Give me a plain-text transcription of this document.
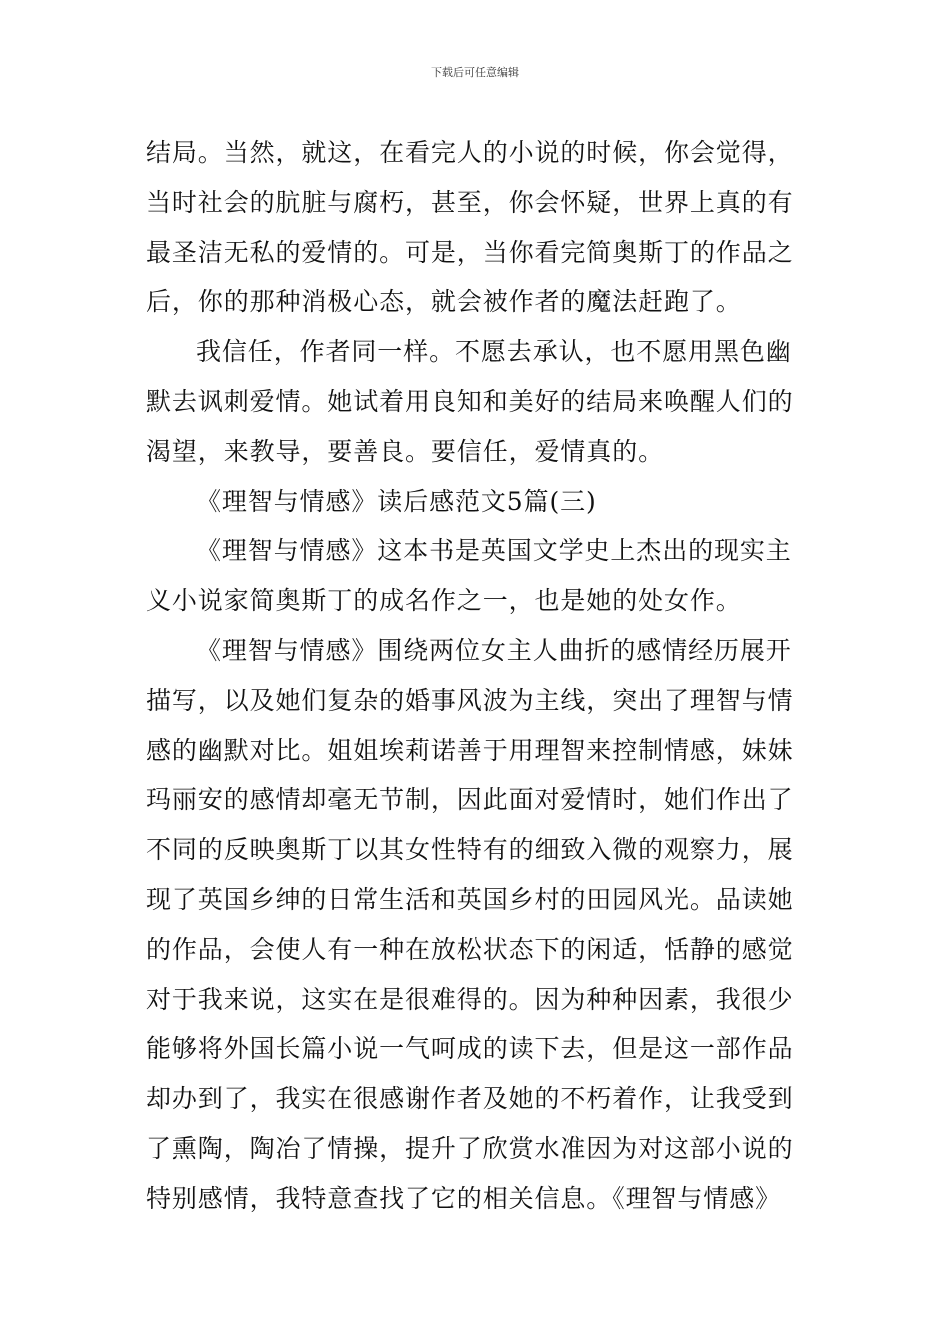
下载后可任意编辑
结局。当然，就这，在看完人的小说的时候，你会觉得，
当时社会的肮脏与腐朽，甚至，你会怀疑，世界上真的有
最圣洁无私的爱情的。可是，当你看完简奥斯丁的作品之
后，你的那种消极心态，就会被作者的魔法赶跑了。
我信任，作者同一样。不愿去承认，也不愿用黑色幽
默去讽刺爱情。她试着用良知和美好的结局来唤醒人们的
渴望，来教导，要善良。要信任，爱情真的。
《理智与情感》读后感范文5篇(三)
《理智与情感》这本书是英国文学史上杰出的现实主
义小说家简奥斯丁的成名作之一，也是她的处女作。
《理智与情感》围绕两位女主人曲折的感情经历展开
描写，以及她们复杂的婚事风波为主线，突出了理智与情
感的幽默对比。姐姐埃莉诺善于用理智来控制情感，妹妹
玛丽安的感情却毫无节制，因此面对爱情时，她们作出了
不同的反映奥斯丁以其女性特有的细致入微的观察力，展
现了英国乡绅的日常生活和英国乡村的田园风光。品读她
的作品，会使人有一种在放松状态下的闲适，恬静的感觉
对于我来说，这实在是很难得的。因为种种因素，我很少
能够将外国长篇小说一气呵成的读下去，但是这一部作品
却办到了，我实在很感谢作者及她的不朽着作，让我受到
了熏陶，陶冶了情操，提升了欣赏水准因为对这部小说的
特别感情，我特意查找了它的相关信息。《理智与情感》
